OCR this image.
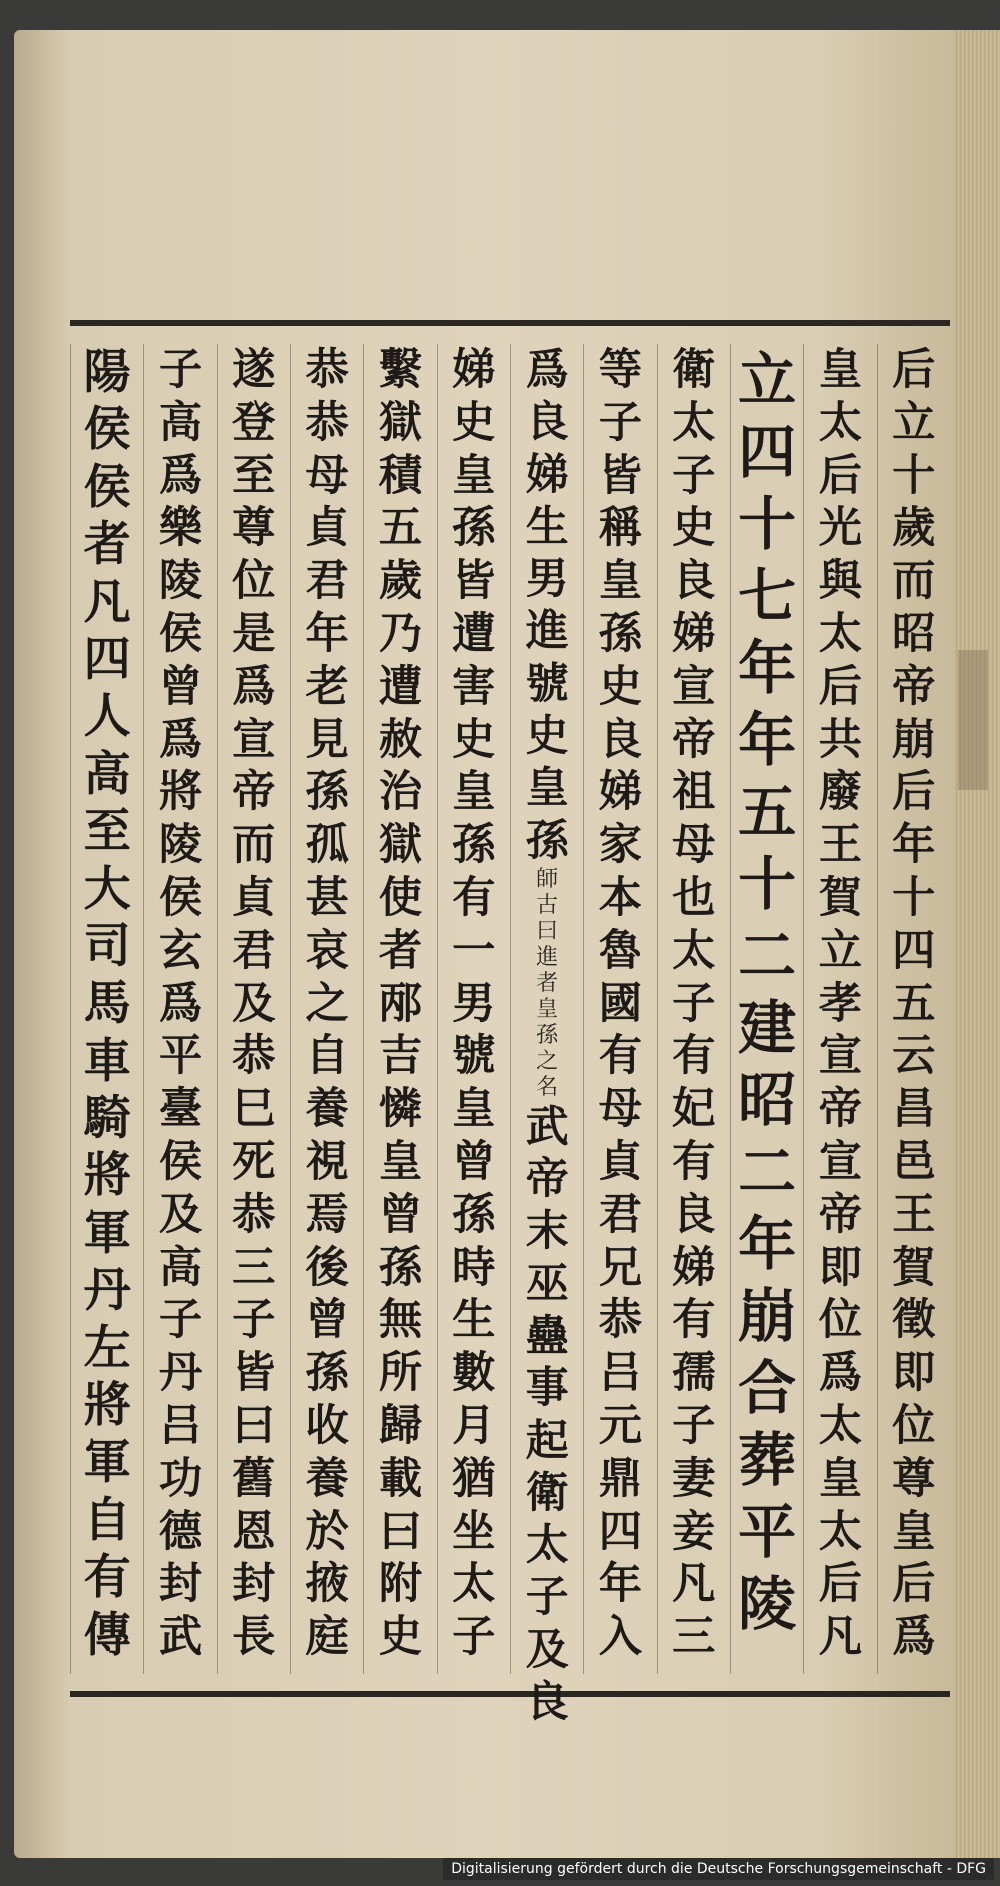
后立十歲而昭帝崩后年十四五云昌邑王賀徵即位尊皇后爲
皇太后光與太后共廢王賀立孝宣帝宣帝即位爲太皇太后凡
立四十七年年五十二建昭二年崩合葬平陵
衛太子史良娣宣帝祖母也太子有妃有良娣有孺子妻妾凡三
等子皆稱皇孫史良娣家本魯國有母貞君兄恭吕元鼎四年入
爲良娣生男進號史皇孫
師古曰進者皇孫之名
武帝末巫蠱事起衛太子及良
娣史皇孫皆遭害史皇孫有一男號皇曾孫時生數月猶坐太子
繫獄積五歲乃遭赦治獄使者邴吉憐皇曾孫無所歸載曰附史
恭恭母貞君年老見孫孤甚哀之自養視焉後曾孫收養於掖庭
遂登至尊位是爲宣帝而貞君及恭巳死恭三子皆曰舊恩封長
子高爲樂陵侯曾爲將陵侯玄爲平臺侯及高子丹吕功德封武
陽侯侯者凡四人高至大司馬車騎將軍丹左將軍自有傳
Digitalisierung gefördert durch die Deutsche Forschungsgemeinschaft - DFG
